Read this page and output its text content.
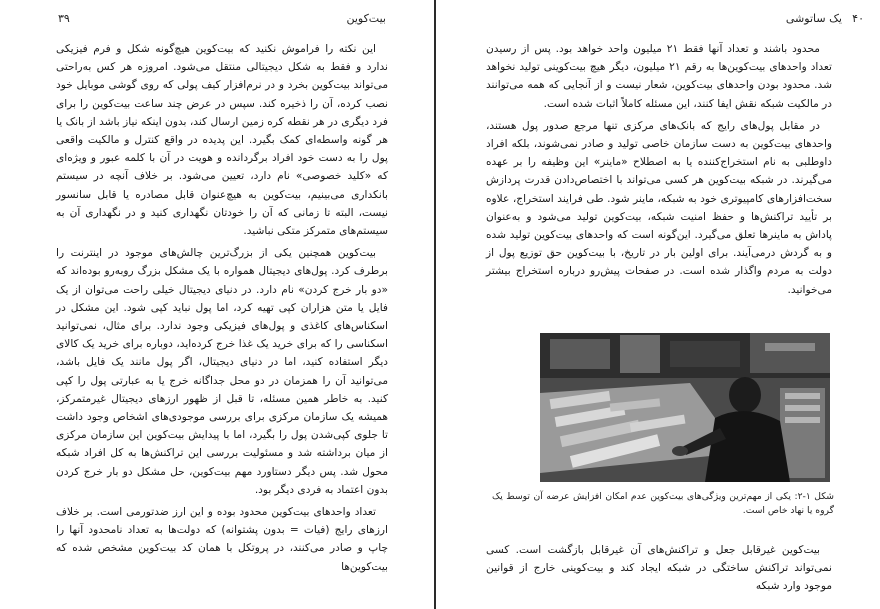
۳۹	بیت‌کوین

این نکته را فراموش نکنید که بیت‌کوین هیچ‌گونه شکل و فرم فیزیکی ندارد و فقط به شکل دیجیتالی منتقل می‌شود. امروزه هر کس به‌راحتی می‌تواند بیت‌کوین بخرد و در نرم‌افزار کیف پولی که روی گوشی موبایل خود نصب کرده، آن را ذخیره کند. سپس در عرض چند ساعت بیت‌کوین را برای فرد دیگری در هر نقطه کره زمین ارسال کند، بدون اینکه نیاز باشد از بانک یا هر گونه واسطه‌ای کمک بگیرد. این پدیده در واقع کنترل و مالکیت واقعی پول را به دست خود افراد برگردانده و هویت در آن با کلمه عبور و ویژه‌ای که «کلید خصوصی» نام دارد، تعیین می‌شود. بر خلاف آنچه در سیستم بانکداری می‌بینیم، بیت‌کوین به هیچ‌عنوان قابل مصادره یا قابل سانسور نیست، البته تا زمانی که آن را خودتان نگهداری کنید و در نگهداری آن به سیستم‌های متمرکز متکی نباشید.

بیت‌کوین همچنین یکی از بزرگ‌ترین چالش‌های موجود در اینترنت را برطرف کرد. پول‌های دیجیتال همواره با یک مشکل بزرگ روبه‌رو بوده‌اند که «دو بار خرج کردن» نام دارد. در دنیای دیجیتال خیلی راحت می‌توان از یک فایل یا متن هزاران کپی تهیه کرد، اما پول نباید کپی شود. این مشکل در اسکناس‌های کاغذی و پول‌های فیزیکی وجود ندارد. برای مثال، نمی‌توانید اسکناسی را که برای خرید یک غذا خرج کرده‌اید، دوباره برای خرید یک کالای دیگر استفاده کنید، اما در دنیای دیجیتال، اگر پول مانند یک فایل باشد، می‌توانید آن را همزمان در دو محل جداگانه خرج یا به عبارتی پول را کپی کنید. به خاطر همین مسئله، تا قبل از ظهور ارزهای دیجیتال غیرمتمرکز، همیشه یک سازمان مرکزی برای بررسی موجودی‌های اشخاص وجود داشت تا جلوی کپی‌شدن پول را بگیرد، اما با پیدایش بیت‌کوین این سازمان مرکزی از میان برداشته شد و مسئولیت بررسی این تراکنش‌ها به کل افراد شبکه محول شد. پس دیگر دستاورد مهم بیت‌کوین، حل مشکل دو بار خرج کردن بدون اعتماد به فردی دیگر بود.

تعداد واحدهای بیت‌کوین محدود بوده و این ارز ضدتورمی است. بر خلاف ارزهای رایج (فیات = بدون پشتوانه) که دولت‌ها به تعداد نامحدود آنها را چاپ و صادر می‌کنند، در پروتکل با همان کد بیت‌کوین مشخص شده که بیت‌کوین‌ها

۴۰
یک ساتوشی

محدود باشند و تعداد آنها فقط ۲۱ میلیون واحد خواهد بود. پس از رسیدن تعداد واحدهای بیت‌کوین‌ها به رقم ۲۱ میلیون، دیگر هیچ بیت‌کوینی تولید نخواهد شد. محدود بودن واحدهای بیت‌کوین، شعار نیست و از آنجایی که همه می‌توانند در مالکیت شبکه نقش ایفا کنند، این مسئله کاملاً اثبات شده است.

در مقابل پول‌های رایج که بانک‌های مرکزی تنها مرجع صدور پول هستند، واحدهای بیت‌کوین به دست سازمان خاصی تولید و صادر نمی‌شوند، بلکه افراد داوطلبی به نام استخراج‌کننده یا به اصطلاح «ماینر» این وظیفه را بر عهده می‌گیرند. در شبکه بیت‌کوین هر کسی می‌تواند با اختصاص‌دادن قدرت پردازش سخت‌افزارهای کامپیوتری خود به شبکه، ماینر شود. طی فرایند استخراج، علاوه بر تأیید تراکنش‌ها و حفظ امنیت شبکه، بیت‌کوین تولید می‌شود و به‌عنوان پاداش به ماینرها تعلق می‌گیرد. این‌گونه است که واحدهای بیت‌کوین تولید شده و به گردش درمی‌آیند. برای اولین بار در تاریخ، با بیت‌کوین حق توزیع پول از دولت به مردم واگذار شده است. در صفحات پیش‌رو درباره استخراج بیشتر می‌خوانید.

شکل ۱-۲: یکی از مهم‌ترین ویژگی‌های بیت‌کوین عدم امکان افزایش عرضه آن توسط یک گروه یا نهاد خاص است.

بیت‌کوین غیرقابل جعل و تراکنش‌های آن غیرقابل بازگشت است. کسی نمی‌تواند تراکنش ساختگی در شبکه ایجاد کند و بیت‌کوینی خارج از قوانین موجود وارد شبکه
